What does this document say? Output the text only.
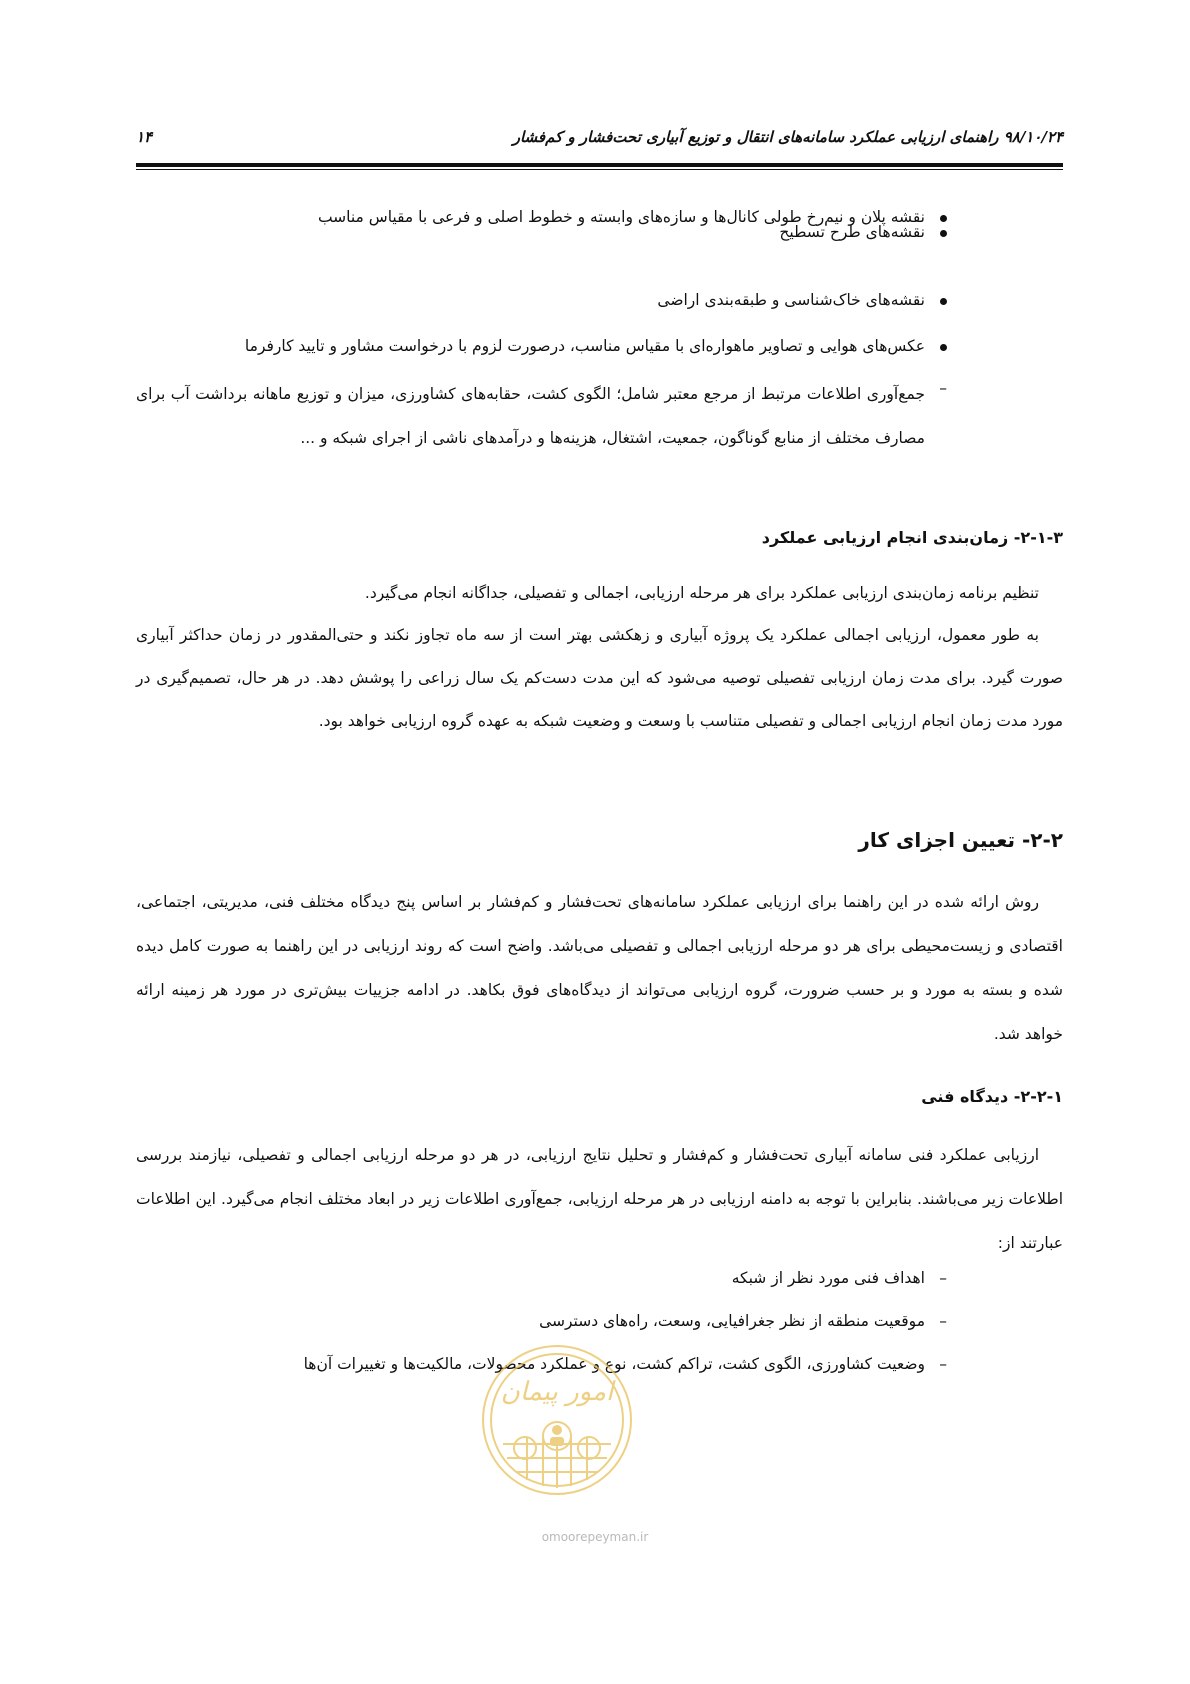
۱۴	۹۸/۱۰/۲۴ راهنمای ارزیابی عملکرد سامانه‌های انتقال و توزیع آبیاری تحت‌فشار و کم‌فشار
نقشه پلان و نیم‌رخ طولی کانال‌ها و سازه‌های وابسته و خطوط اصلی و فرعی با مقیاس مناسب
نقشه‌های طرح تسطیح
نقشه‌های خاک‌شناسی و طبقه‌بندی اراضی
عکس‌های هوایی و تصاویر ماهواره‌ای با مقیاس مناسب، درصورت لزوم با درخواست مشاور و تایید کارفرما
–

جمع‌آوری اطلاعات مرتبط از مرجع معتبر شامل؛ الگوی کشت، حقابه‌های کشاورزی، میزان و توزیع ماهانه برداشت آب برای مصارف مختلف از منابع گوناگون، جمعیت، اشتغال، هزینه‌ها و درآمدهای ناشی از اجرای شبکه و ...

۲-۱-۳- زمان‌بندی انجام ارزیابی عملکرد

تنظیم برنامه زمان‌بندی ارزیابی عملکرد برای هر مرحله ارزیابی، اجمالی و تفصیلی، جداگانه انجام می‌گیرد.

به طور معمول، ارزیابی اجمالی عملکرد یک پروژه آبیاری و زهکشی بهتر است از سه ماه تجاوز نکند و حتی‌المقدور در زمان حداکثر آبیاری صورت گیرد. برای مدت زمان ارزیابی تفصیلی توصیه می‌شود که این مدت دست‌کم یک سال زراعی را پوشش دهد. در هر حال، تصمیم‌گیری در مورد مدت زمان انجام ارزیابی اجمالی و تفصیلی متناسب با وسعت و وضعیت شبکه به عهده گروه ارزیابی خواهد بود.

۲-۲- تعیین اجزای کار

روش ارائه شده در این راهنما برای ارزیابی عملکرد سامانه‌های تحت‌فشار و کم‌فشار بر اساس پنج دیدگاه مختلف فنی، مدیریتی، اجتماعی، اقتصادی و زیست‌محیطی برای هر دو مرحله ارزیابی اجمالی و تفصیلی می‌باشد. واضح است که روند ارزیابی در این راهنما به صورت کامل دیده شده و بسته به مورد و بر حسب ضرورت، گروه ارزیابی می‌تواند از دیدگاه‌های فوق بکاهد. در ادامه جزییات بیش‌تری در مورد هر زمینه ارائه خواهد شد.

۲-۲-۱- دیدگاه فنی

ارزیابی عملکرد فنی سامانه آبیاری تحت‌فشار و کم‌فشار و تحلیل نتایج ارزیابی، در هر دو مرحله ارزیابی اجمالی و تفصیلی، نیازمند بررسی اطلاعات زیر می‌باشند. بنابراین با توجه به دامنه ارزیابی در هر مرحله ارزیابی، جمع‌آوری اطلاعات زیر در ابعاد مختلف انجام می‌گیرد. این اطلاعات عبارتند از:

–
اهداف فنی مورد نظر از شبکه
–
موقعیت منطقه از نظر جغرافیایی، وسعت، راه‌های دسترسی
–
وضعیت کشاورزی، الگوی کشت، تراکم کشت، نوع و عملکرد محصولات، مالکیت‌ها و تغییرات آن‌ها
امور پیمان
omoorepeyman.ir
